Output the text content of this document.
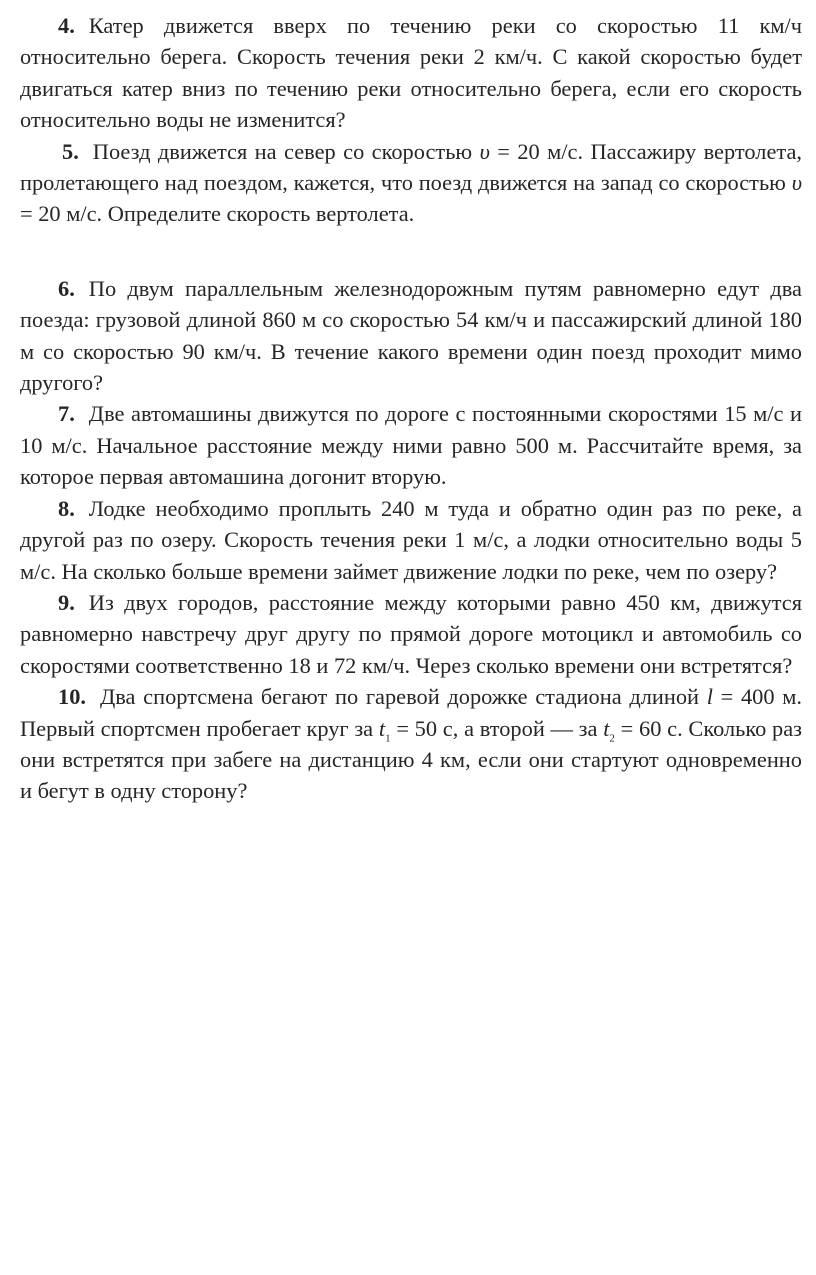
4. Катер движется вверх по течению реки со скоростью 11 км/ч относительно берега. Скорость течения реки 2 км/ч. С какой скоростью будет двигаться катер вниз по течению реки относительно берега, если его скорость относительно воды не изменится?

5. Поезд движется на север со скоростью υ = 20 м/с. Пассажиру вертолета, пролетающего над поездом, кажется, что поезд движется на запад со скоростью υ = 20 м/с. Определите скорость вертолета.

6. По двум параллельным железнодорожным путям равномерно едут два поезда: грузовой длиной 860 м со скоростью 54 км/ч и пассажирский длиной 180 м со скоростью 90 км/ч. В течение какого времени один поезд проходит мимо другого?

7. Две автомашины движутся по дороге с постоянными скоростями 15 м/с и 10 м/с. Начальное расстояние между ними равно 500 м. Рассчитайте время, за которое первая автомашина догонит вторую.

8. Лодке необходимо проплыть 240 м туда и обратно один раз по реке, а другой раз по озеру. Скорость течения реки 1 м/с, а лодки относительно воды 5 м/с. На сколько больше времени займет движение лодки по реке, чем по озеру?

9. Из двух городов, расстояние между которыми равно 450 км, движутся равномерно навстречу друг другу по прямой дороге мотоцикл и автомобиль со скоростями соответственно 18 и 72 км/ч. Через сколько времени они встретятся?

10. Два спортсмена бегают по гаревой дорожке стадиона длиной l = 400 м. Первый спортсмен пробегает круг за $t_1 = 50$ с, а второй — за $t_2 = 60$ с. Сколько раз они встретятся при забеге на дистанцию 4 км, если они стартуют одновременно и бегут в одну сторону?
